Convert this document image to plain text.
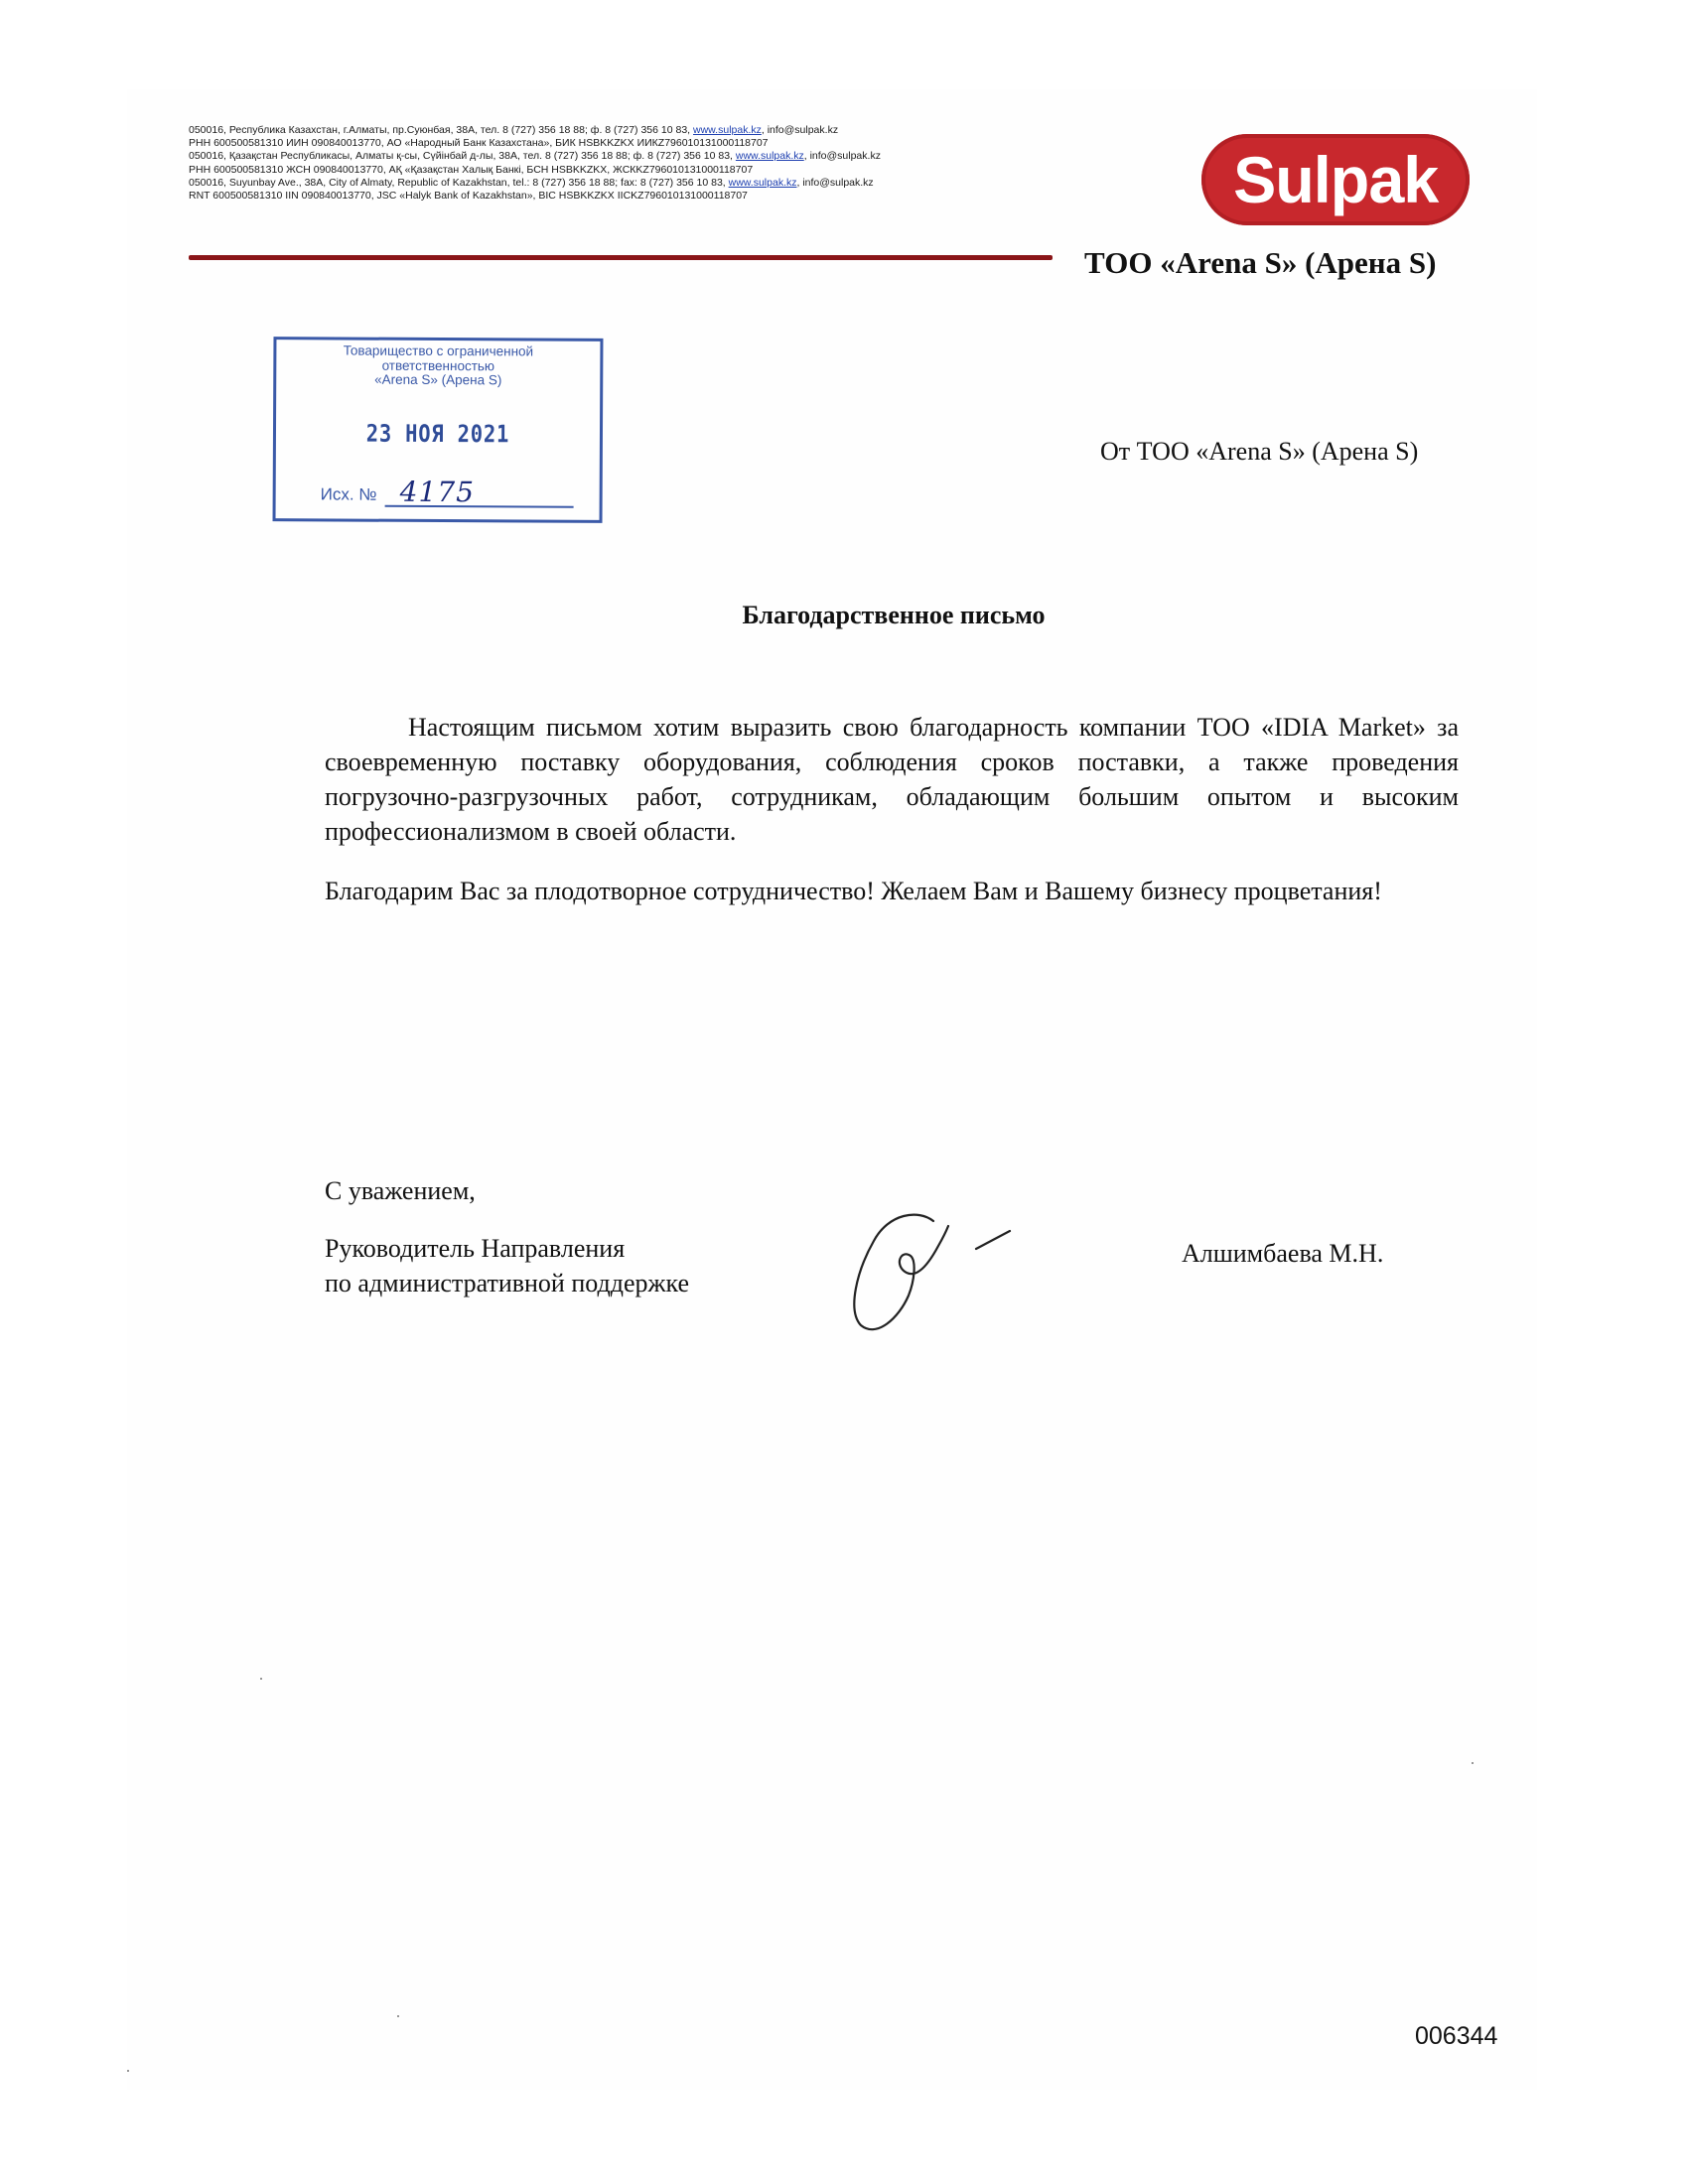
050016, Республика Казахстан, г.Алматы, пр.Суюнбая, 38А, тел. 8 (727) 356 18 88; ф. 8 (727) 356 10 83, www.sulpak.kz, info@sulpak.kz
РНН 600500581310 ИИН 090840013770, АО «Народный Банк Казахстана», БИК HSBKKZKX ИИКZ796010131000118707
050016, Қазақстан Республикасы, Алматы қ-сы, Сүйінбай д-лы, 38А, тел. 8 (727) 356 18 88; ф. 8 (727) 356 10 83, www.sulpak.kz, info@sulpak.kz
РНН 600500581310 ЖСН 090840013770, АҚ «Қазақстан Халық Банкі, БСН HSBKKZKX, ЖСКKZ796010131000118707
050016, Suyunbay Ave., 38A, City of Almaty, Republic of Kazakhstan, tel.: 8 (727) 356 18 88; fax: 8 (727) 356 10 83, www.sulpak.kz, info@sulpak.kz
RNT 600500581310 IIN 090840013770, JSC «Halyk Bank of Kazakhstan», BIC HSBKKZKX IICKZ796010131000118707	Sulpak
ТОО «Arena S» (Арена S)
Товарищество с ограниченной
ответственностью
«Arena S» (Арена S)
23 НОЯ 2021
Исх. № 4175
От ТОО «Arena S» (Арена S)
Благодарственное письмо
Настоящим письмом хотим выразить свою благодарность компании ТОО «IDIA Market» за своевременную поставку оборудования, соблюдения сроков поставки, а также проведения погрузочно-разгрузочных работ, сотрудникам, обладающим большим опытом и высоким профессионализмом в своей области.
Благодарим Вас за плодотворное сотрудничество! Желаем Вам и Вашему бизнесу процветания!
С уважением,
Руководитель Направления
по административной поддержке
Алшимбаева М.Н.
006344
